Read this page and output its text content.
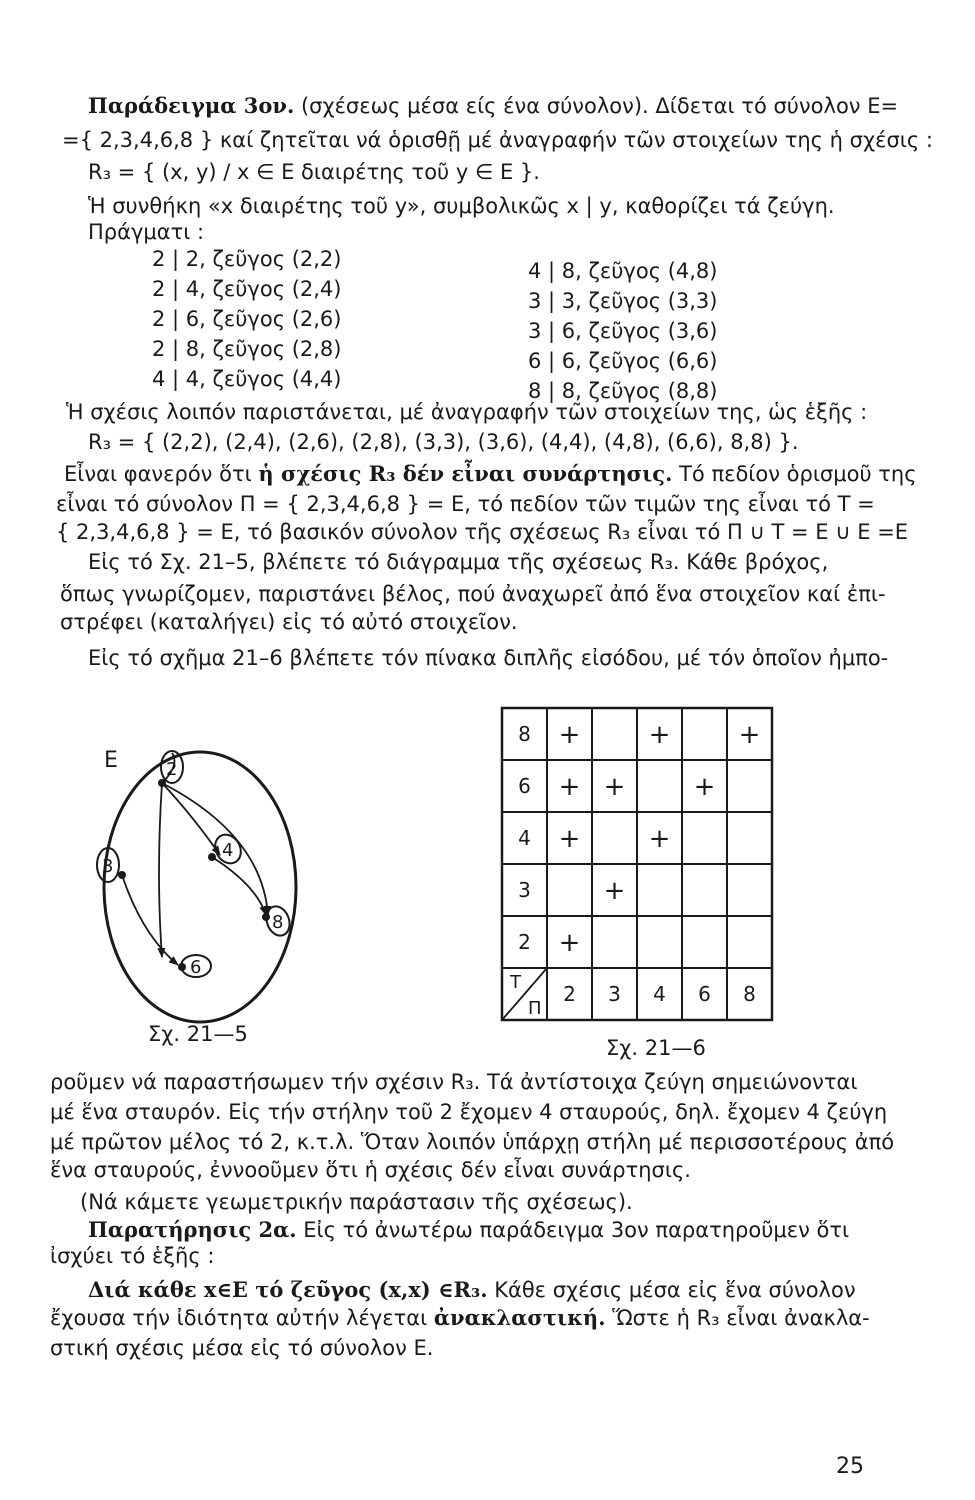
Παράδειγμα 3ον. (σχέσεως μέσα είς ένα σύνολον). Δίδεται τό σύνολον Ε=
={ 2,3,4,6,8 } καί ζητεῖται νά ὁρισθῇ μέ ἀναγραφήν τῶν στοιχείων της ἡ σχέσις :
R₃ = { (x, y) / x ∈ E διαιρέτης τοῦ y ∈ E }.
Ἡ συνθήκη «x διαιρέτης τοῦ y», συμβολικῶς x | y, καθορίζει τά ζεύγη.
Πράγματι :
2 | 2, ζεῦγος (2,2)
2 | 4, ζεῦγος (2,4)
2 | 6, ζεῦγος (2,6)
2 | 8, ζεῦγος (2,8)
4 | 4, ζεῦγος (4,4)
4 | 8, ζεῦγος (4,8)
3 | 3, ζεῦγος (3,3)
3 | 6, ζεῦγος (3,6)
6 | 6, ζεῦγος (6,6)
8 | 8, ζεῦγος (8,8)
Ἡ σχέσις λοιπόν παριστάνεται, μέ ἀναγραφήν τῶν στοιχείων της, ὡς ἑξῆς :
R₃ = { (2,2), (2,4), (2,6), (2,8), (3,3), (3,6), (4,4), (4,8), (6,6), 8,8) }.
Εἶναι φανερόν ὅτι ἡ σχέσις R₃ δέν εἶναι συνάρτησις. Τό πεδίον ὁρισμοῦ της
εἶναι τό σύνολον Π = { 2,3,4,6,8 } = E, τό πεδίον τῶν τιμῶν της εἶναι τό T =
{ 2,3,4,6,8 } = E, τό βασικόν σύνολον τῆς σχέσεως R₃ εἶναι τό Π ∪ T = E ∪ E =E
Εἰς τό Σχ. 21–5, βλέπετε τό διάγραμμα τῆς σχέσεως R₃. Κάθε βρόχος,
ὅπως γνωρίζομεν, παριστάνει βέλος, πού ἀναχωρεῖ ἀπό ἕνα στοιχεῖον καί ἐπι-
στρέφει (καταλήγει) εἰς τό αὐτό στοιχεῖον.
Εἰς τό σχῆμα 21–6 βλέπετε τόν πίνακα διπλῆς εἰσόδου, μέ τόν ὁποῖον ἠμπο-
E	2
3
4
8
6
Σχ. 21—5
T
Π
8
6
4
3
2
2 3 4 6 8
+
+
+
+
+
+
+
+
+
+
Σχ. 21—6
ροῦμεν νά παραστήσωμεν τήν σχέσιν R₃. Τά ἀντίστοιχα ζεύγη σημειώνονται
μέ ἕνα σταυρόν. Εἰς τήν στήλην τοῦ 2 ἔχομεν 4 σταυρούς, δηλ. ἔχομεν 4 ζεύγη
μέ πρῶτον μέλος τό 2, κ.τ.λ. Ὅταν λοιπόν ὑπάρχῃ στήλη μέ περισσοτέρους ἀπό
ἕνα σταυρούς, ἐννοοῦμεν ὅτι ἡ σχέσις δέν εἶναι συνάρτησις.
(Νά κάμετε γεωμετρικήν παράστασιν τῆς σχέσεως).
Παρατήρησις 2α. Εἰς τό ἀνωτέρω παράδειγμα 3ον παρατηροῦμεν ὅτι
ἰσχύει τό ἑξῆς :
Διά κάθε x∈E τό ζεῦγος (x,x) ∈R₃. Κάθε σχέσις μέσα εἰς ἕνα σύνολον
ἔχουσα τήν ἰδιότητα αὐτήν λέγεται ἀνακλαστική. Ὥστε ἡ R₃ εἶναι ἀνακλα-
στική σχέσις μέσα εἰς τό σύνολον E.
25
